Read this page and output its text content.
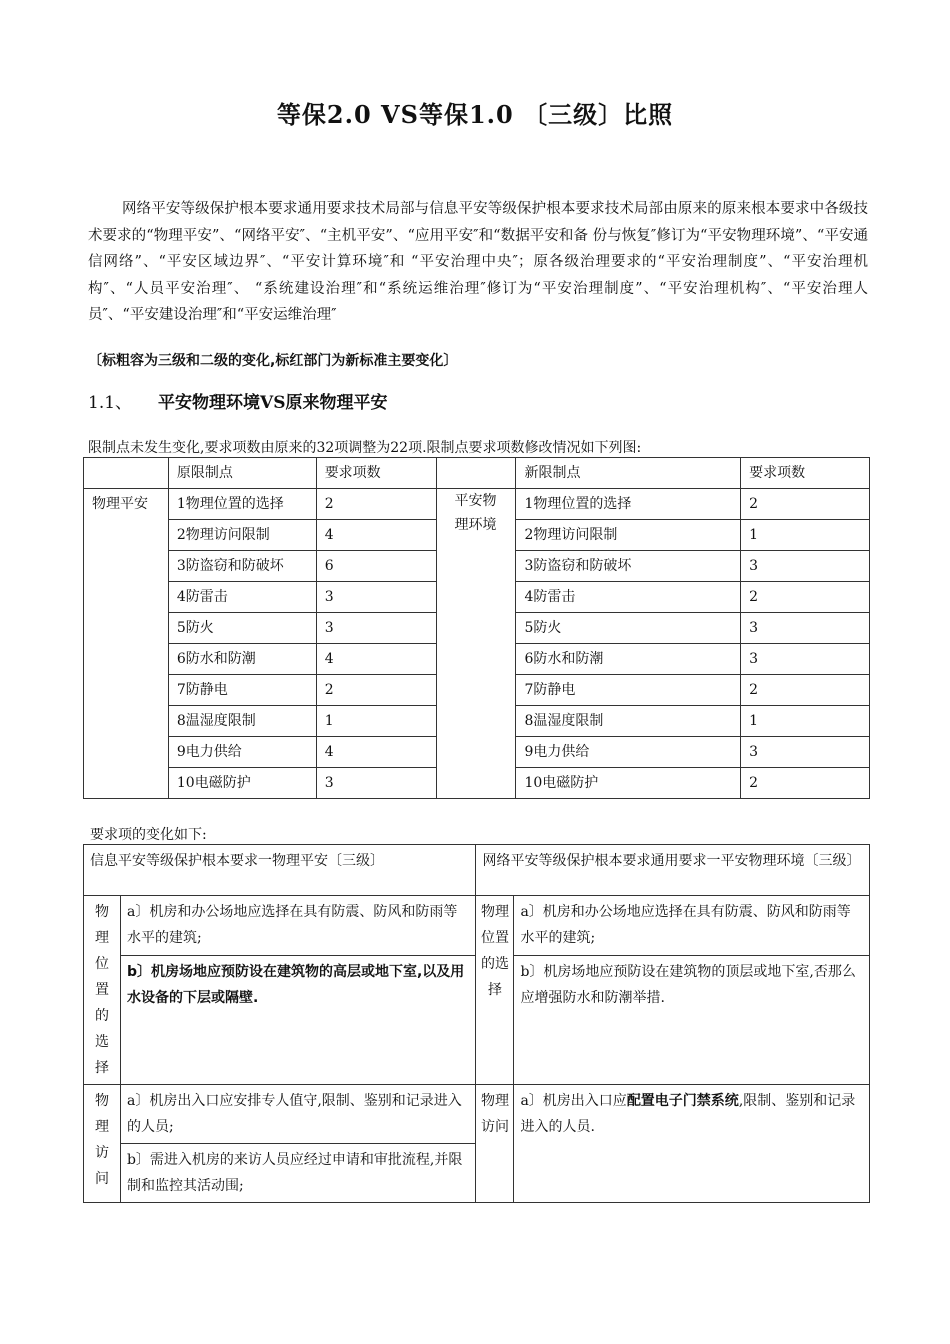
等保2.0 VS等保1.0 〔三级〕比照
网络平安等级保护根本要求通用要求技术局部与信息平安等级保护根本要求技术局部由原来的原来根本要求中各级技术要求的“物理平安”、“网络平安″、“主机平安”、“应用平安″和“数据平安和备 份与恢复″修订为“平安物理环境”、“平安通信网络”、“平安区域边界″、“平安计算环境″和 “平安治理中央″；原各级治理要求的“平安治理制度”、“平安治理机构″、“人员平安治理″、 “系统建设治理″和“系统运维治理″修订为“平安治理制度”、“平安治理机构″、“平安治理人 员″、“平安建设治理″和“平安运维治理″
〔标粗容为三级和二级的变化,标红部门为新标准主要变化〕
1.1、 平安物理环境VS原来物理平安
限制点未发生变化,要求项数由原来的32项调整为22项.限制点要求项数修改情况如下列图:
	原限制点	要求项数		新限制点	要求项数
物理平安	1物理位置的选择	2	平安物理环境	1物理位置的选择	2
	2物理访问限制	4		2物理访问限制	1
	3防盗窃和防破坏	6		3防盗窃和防破坏	3
	4防雷击	3		4防雷击	2
	5防火	3		5防火	3
	6防水和防潮	4		6防水和防潮	3
	7防静电	2		7防静电	2
	8温湿度限制	1		8温湿度限制	1
	9电力供给	4		9电力供给	3
	10电磁防护	3		10电磁防护	2
要求项的变化如下:
信息平安等级保护根本要求一物理平安〔三级〕		网络平安等级保护根本要求通用要求一平安物理环境〔三级〕	
物理位置的选择	a〕机房和办公场地应选择在具有防震、防风和防雨等水平的建筑;	物理位置的选择	a〕机房和办公场地应选择在具有防震、防风和防雨等水平的建筑;
	b〕机房场地应预防设在建筑物的高层或地下室,以及用水设备的下层或隔壁.		b〕机房场地应预防设在建筑物的顶层或地下室,否那么应增强防水和防潮举措.
物理访问	a〕机房出入口应安排专人值守,限制、鉴别和记录进入的人员;	物理访问	a〕机房出入口应配置电子门禁系统,限制、鉴别和记录进入的人员.
	b〕需进入机房的来访人员应经过申请和审批流程,并限制和监控其活动围;		
